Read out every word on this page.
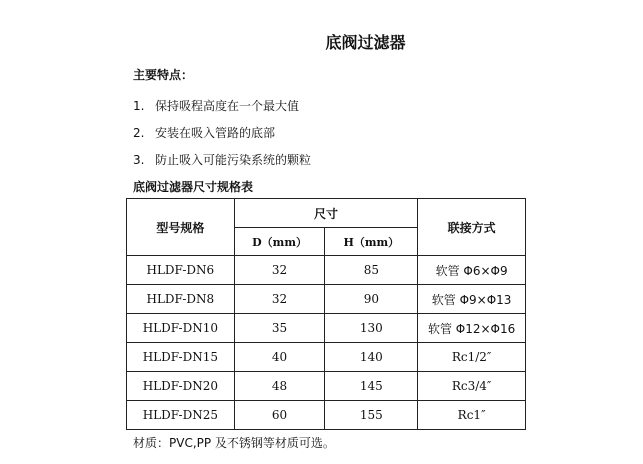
底阀过滤器
主要特点：
1. 保持吸程高度在一个最大值
2. 安装在吸入管路的底部
3. 防止吸入可能污染系统的颗粒
底阀过滤器尺寸规格表
型号规格	尺寸		联接方式
	D（mm）	H（mm）	
HLDF-DN6	32	85	软管 Φ6×Φ9
HLDF-DN8	32	90	软管 Φ9×Φ13
HLDF-DN10	35	130	软管 Φ12×Φ16
HLDF-DN15	40	140	Rc1/2″
HLDF-DN20	48	145	Rc3/4″
HLDF-DN25	60	155	Rc1″
材质：PVC,PP 及不锈钢等材质可选。
